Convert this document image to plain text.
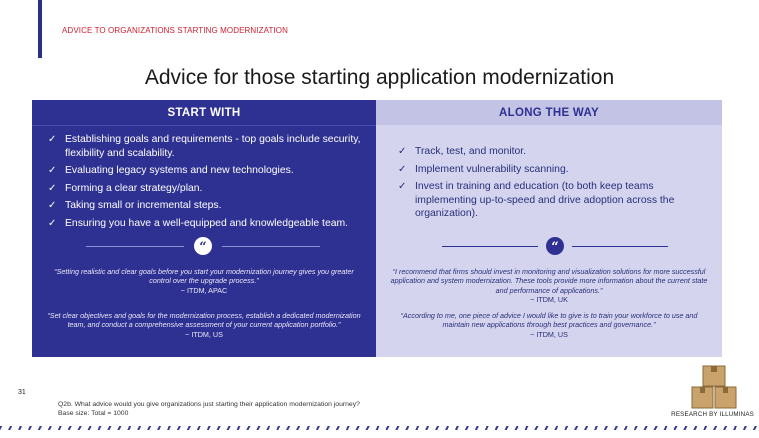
ADVICE TO ORGANIZATIONS STARTING MODERNIZATION
Advice for those starting application modernization
START WITH
✓ Establishing goals and requirements - top goals include security, flexibility and scalability.
✓ Evaluating legacy systems and new technologies.
✓ Forming a clear strategy/plan.
✓ Taking small or incremental steps.
✓ Ensuring you have a well-equipped and knowledgeable team.
“
“Setting realistic and clear goals before you start your modernization journey gives you greater control over the upgrade process.”
~ ITDM, APAC
“Set clear objectives and goals for the modernization process, establish a dedicated modernization team, and conduct a comprehensive assessment of your current application portfolio.”
~ ITDM, US
ALONG THE WAY
✓ Track, test, and monitor.
✓ Implement vulnerability scanning.
✓ Invest in training and education (to both keep teams implementing up-to-speed and drive adoption across the organization).
“
“I recommend that firms should invest in monitoring and visualization solutions for more successful application and system modernization. These tools provide more information about the current state and performance of applications.”
~ ITDM, UK
“According to me, one piece of advice I would like to give is to train your workforce to use and maintain new applications through best practices and governance.”
~ ITDM, US
31
Q2b. What advice would you give organizations just starting their application modernization journey?
Base size: Total = 1000	RESEARCH BY ILLUMINAS
